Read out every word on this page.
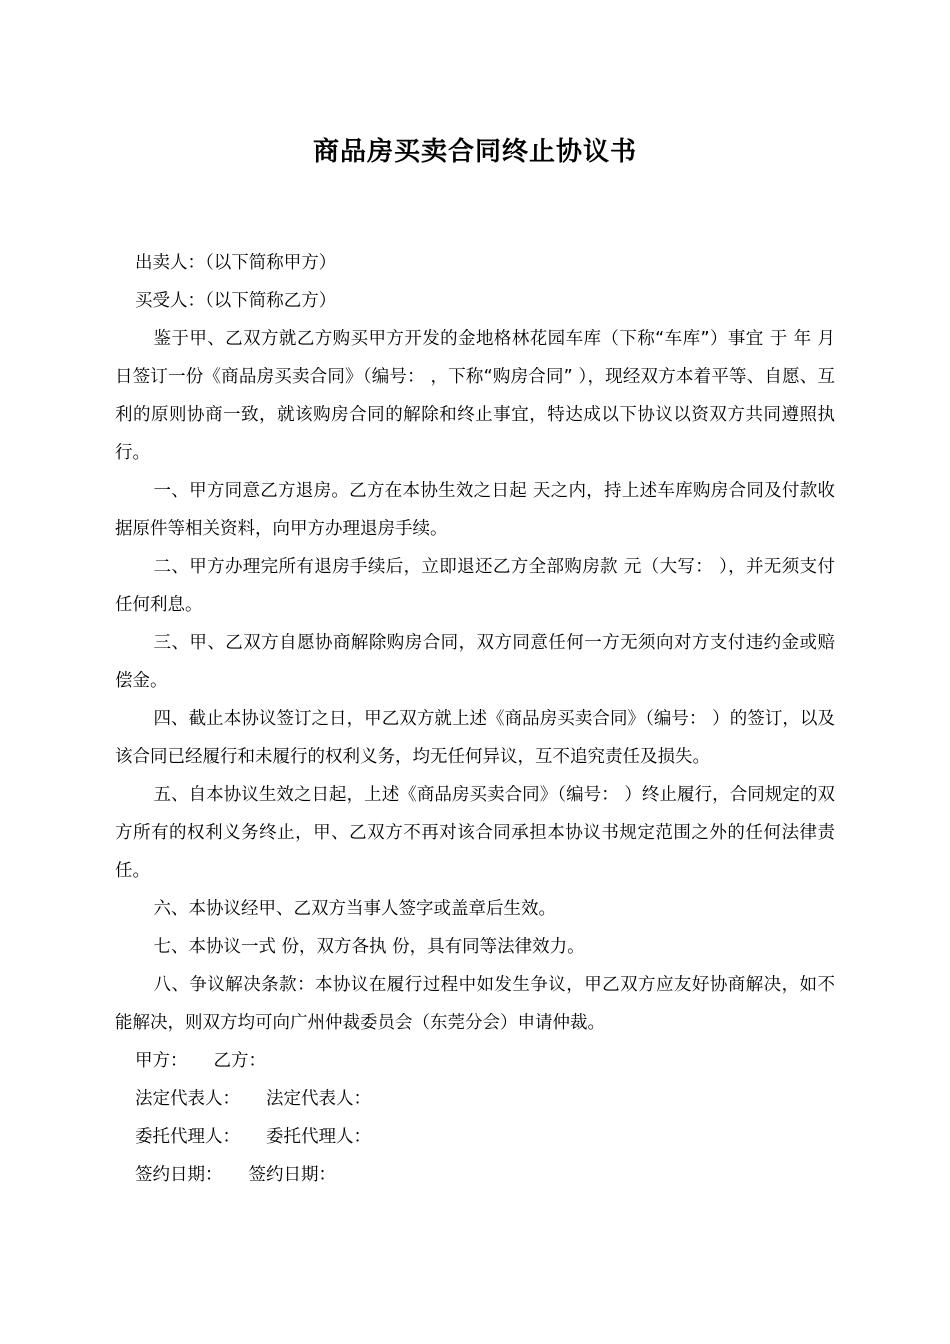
商品房买卖合同终止协议书

出卖人：（以下简称甲方）

买受人：（以下简称乙方）

鉴于甲、乙双方就乙方购买甲方开发的金地格林花园车库（下称“车库”）事宜 于 年 月 日签订一份《商品房买卖合同》（编号： ，下称“购房合同” ），现经双方本着平等、自愿、互利的原则协商一致，就该购房合同的解除和终止事宜，特达成以下协议以资双方共同遵照执行。

一、甲方同意乙方退房。乙方在本协生效之日起 天之内，持上述车库购房合同及付款收据原件等相关资料，向甲方办理退房手续。

二、甲方办理完所有退房手续后，立即退还乙方全部购房款 元（大写： ），并无须支付任何利息。

三、甲、乙双方自愿协商解除购房合同，双方同意任何一方无须向对方支付违约金或赔偿金。

四、截止本协议签订之日，甲乙双方就上述《商品房买卖合同》（编号： ）的签订，以及该合同已经履行和未履行的权利义务，均无任何异议，互不追究责任及损失。

五、自本协议生效之日起，上述《商品房买卖合同》（编号： ）终止履行，合同规定的双方所有的权利义务终止，甲、乙双方不再对该合同承担本协议书规定范围之外的任何法律责任。

六、本协议经甲、乙双方当事人签字或盖章后生效。

七、本协议一式 份，双方各执 份，具有同等法律效力。

八、争议解决条款：本协议在履行过程中如发生争议，甲乙双方应友好协商解决，如不能解决，则双方均可向广州仲裁委员会（东莞分会）申请仲裁。

甲方： 乙方：
法定代表人： 法定代表人：
委托代理人： 委托代理人：
签约日期： 签约日期：
